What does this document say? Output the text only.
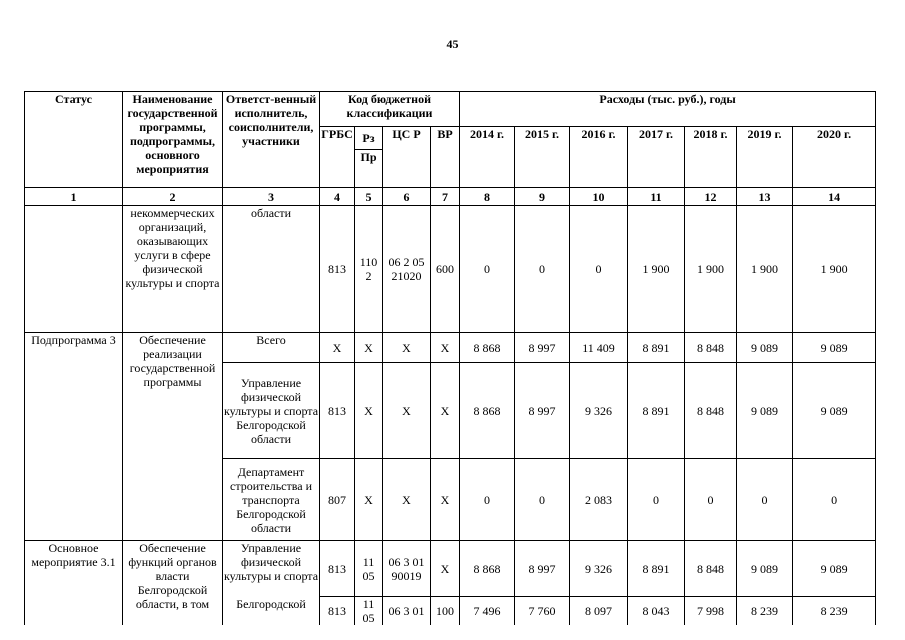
45
Статус	Наименование государственной программы, подпрограммы, основного мероприятия	Ответст-венный исполнитель, соисполнители, участники	Код бюджетной классификации				Расходы (тыс. руб.), годы						
			ГРБС	Рз	ЦС Р	ВР	2014 г.	2015 г.	2016 г.	2017 г.	2018 г.	2019 г.	2020 г.
				Пр									
1	2	3	4	5	6	7	8	9	10	11	12	13	14
	некоммерческих организаций, оказывающих услуги в сфере физической культуры и спорта	области	813	110 2	06 2 05 21020	600	0	0	0	1 900	1 900	1 900	1 900
Подпрограмма 3	Обеспечение реализации государственной программы	Всего	X	X	X	X	8 868	8 997	11 409	8 891	8 848	9 089	9 089
		Управление физической культуры и спорта Белгородской области	813	X	X	X	8 868	8 997	9 326	8 891	8 848	9 089	9 089
		Департамент строительства и транспорта Белгородской области	807	X	X	X	0	0	2 083	0	0	0	0
Основное мероприятие 3.1	Обеспечение функций органов власти Белгородской области, в том	Управление физической культуры и спорта	813	11 05	06 3 01 90019	X	8 868	8 997	9 326	8 891	8 848	9 089	9 089
		Белгородской	813	11 05	06 3 01	100	7 496	7 760	8 097	8 043	7 998	8 239	8 239
